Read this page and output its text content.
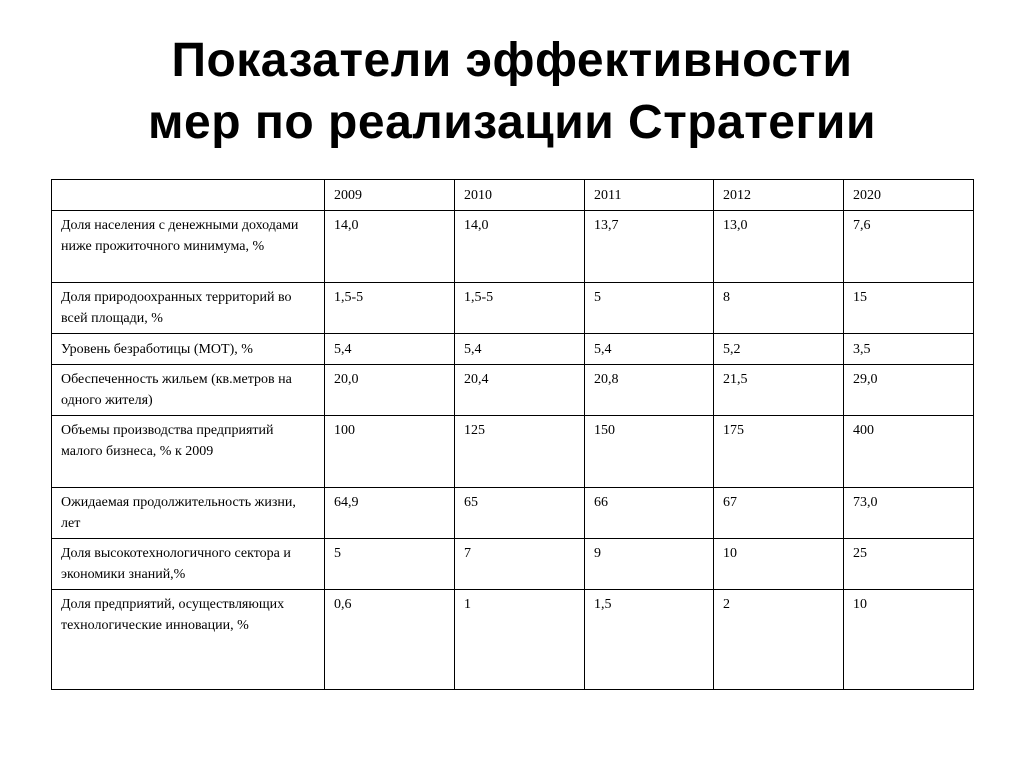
Показатели эффективности
мер по реализации Стратегии
	2009	2010	2011	2012	2020
Доля населения с денежными доходами ниже прожиточного минимума, %	14,0	14,0	13,7	13,0	7,6
Доля природоохранных территорий во всей площади, %	1,5-5	1,5-5	5	8	15
Уровень безработицы (МОТ), %	5,4	5,4	5,4	5,2	3,5
Обеспеченность жильем (кв.метров на одного жителя)	20,0	20,4	20,8	21,5	29,0
Объемы производства предприятий малого бизнеса, % к 2009	100	125	150	175	400
Ожидаемая продолжительность жизни, лет	64,9	65	66	67	73,0
Доля высокотехнологичного сектора и экономики знаний,%	5	7	9	10	25
Доля предприятий, осуществляющих технологические инновации, %	0,6	1	1,5	2	10
